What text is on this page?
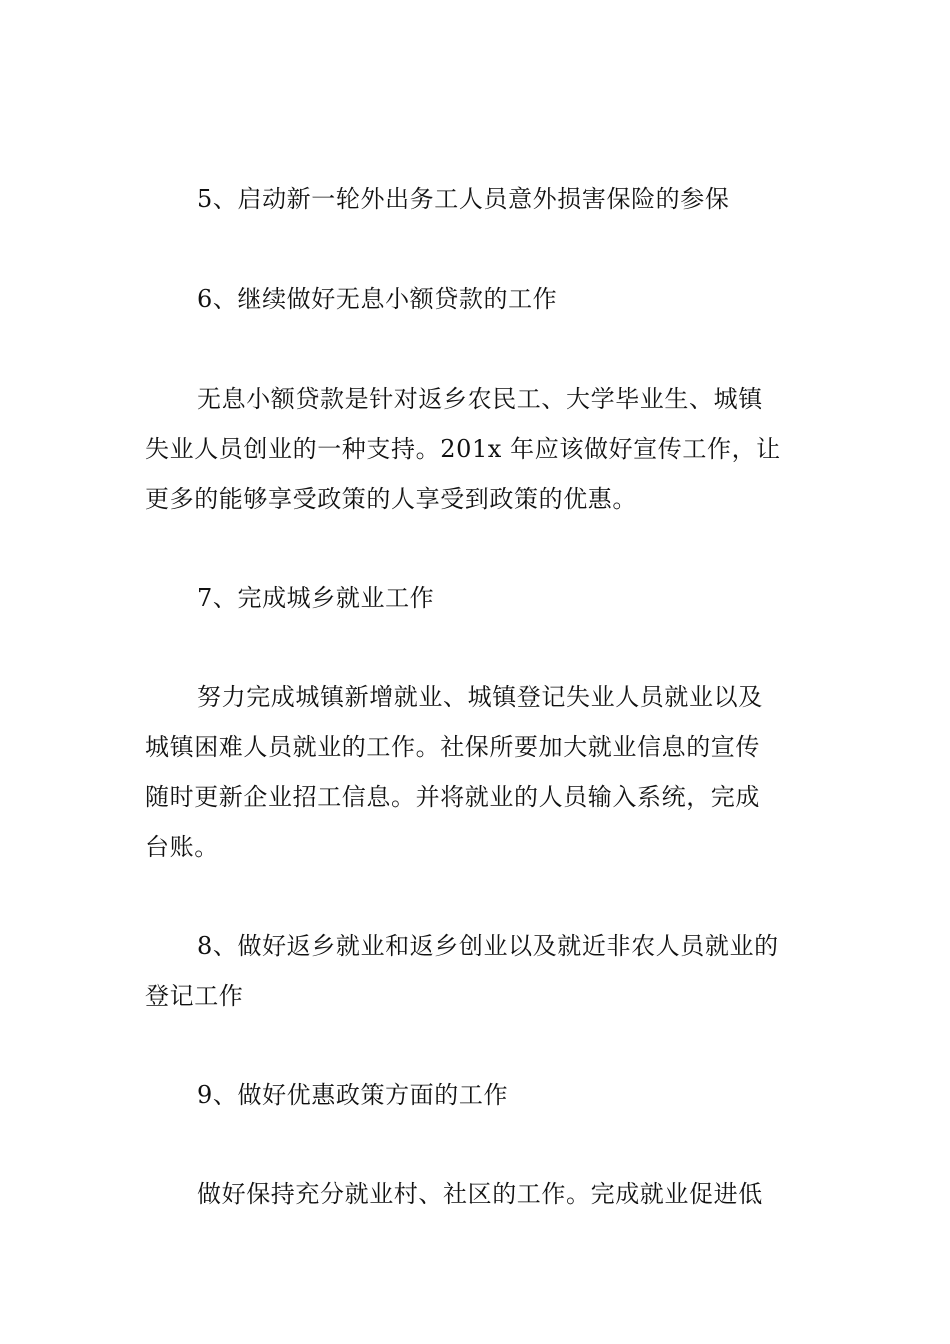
5、启动新一轮外出务工人员意外损害保险的参保

6、继续做好无息小额贷款的工作

无息小额贷款是针对返乡农民工、大学毕业生、城镇
失业人员创业的一种支持。201x 年应该做好宣传工作，让
更多的能够享受政策的人享受到政策的优惠。

7、完成城乡就业工作

努力完成城镇新增就业、城镇登记失业人员就业以及
城镇困难人员就业的工作。社保所要加大就业信息的宣传
随时更新企业招工信息。并将就业的人员输入系统，完成
台账。

8、做好返乡就业和返乡创业以及就近非农人员就业的
登记工作

9、做好优惠政策方面的工作

做好保持充分就业村、社区的工作。完成就业促进低
